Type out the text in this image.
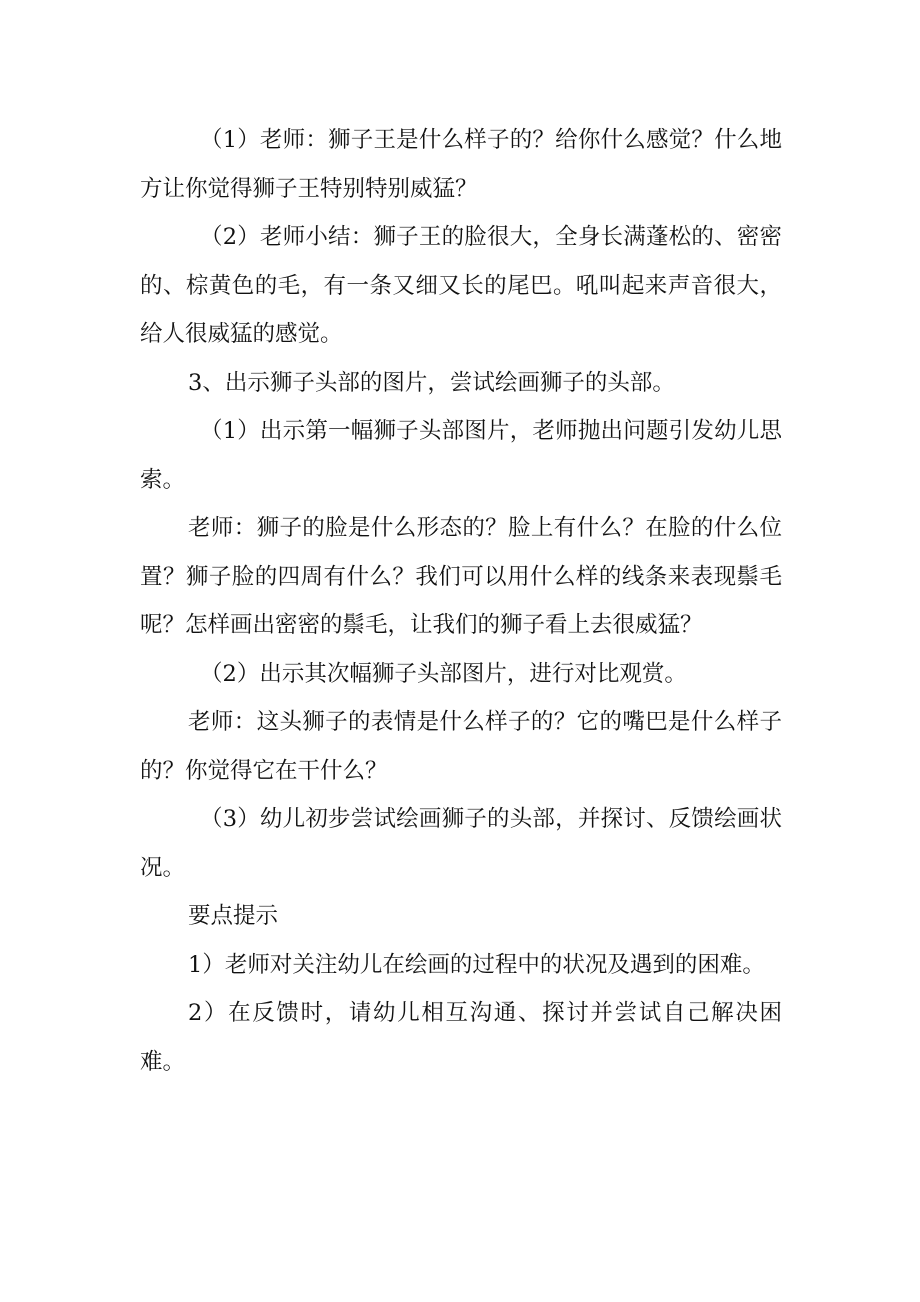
（1）老师：狮子王是什么样子的？给你什么感觉？什么地方让你觉得狮子王特别特别威猛？

（2）老师小结：狮子王的脸很大，全身长满蓬松的、密密的、棕黄色的毛，有一条又细又长的尾巴。吼叫起来声音很大，给人很威猛的感觉。

3、出示狮子头部的图片，尝试绘画狮子的头部。

（1）出示第一幅狮子头部图片，老师抛出问题引发幼儿思索。

老师：狮子的脸是什么形态的？脸上有什么？在脸的什么位置？狮子脸的四周有什么？我们可以用什么样的线条来表现鬃毛呢？怎样画出密密的鬃毛，让我们的狮子看上去很威猛？

（2）出示其次幅狮子头部图片，进行对比观赏。

老师：这头狮子的表情是什么样子的？它的嘴巴是什么样子的？你觉得它在干什么？

（3）幼儿初步尝试绘画狮子的头部，并探讨、反馈绘画状况。

要点提示

1）老师对关注幼儿在绘画的过程中的状况及遇到的困难。

2）在反馈时，请幼儿相互沟通、探讨并尝试自己解决困难。
